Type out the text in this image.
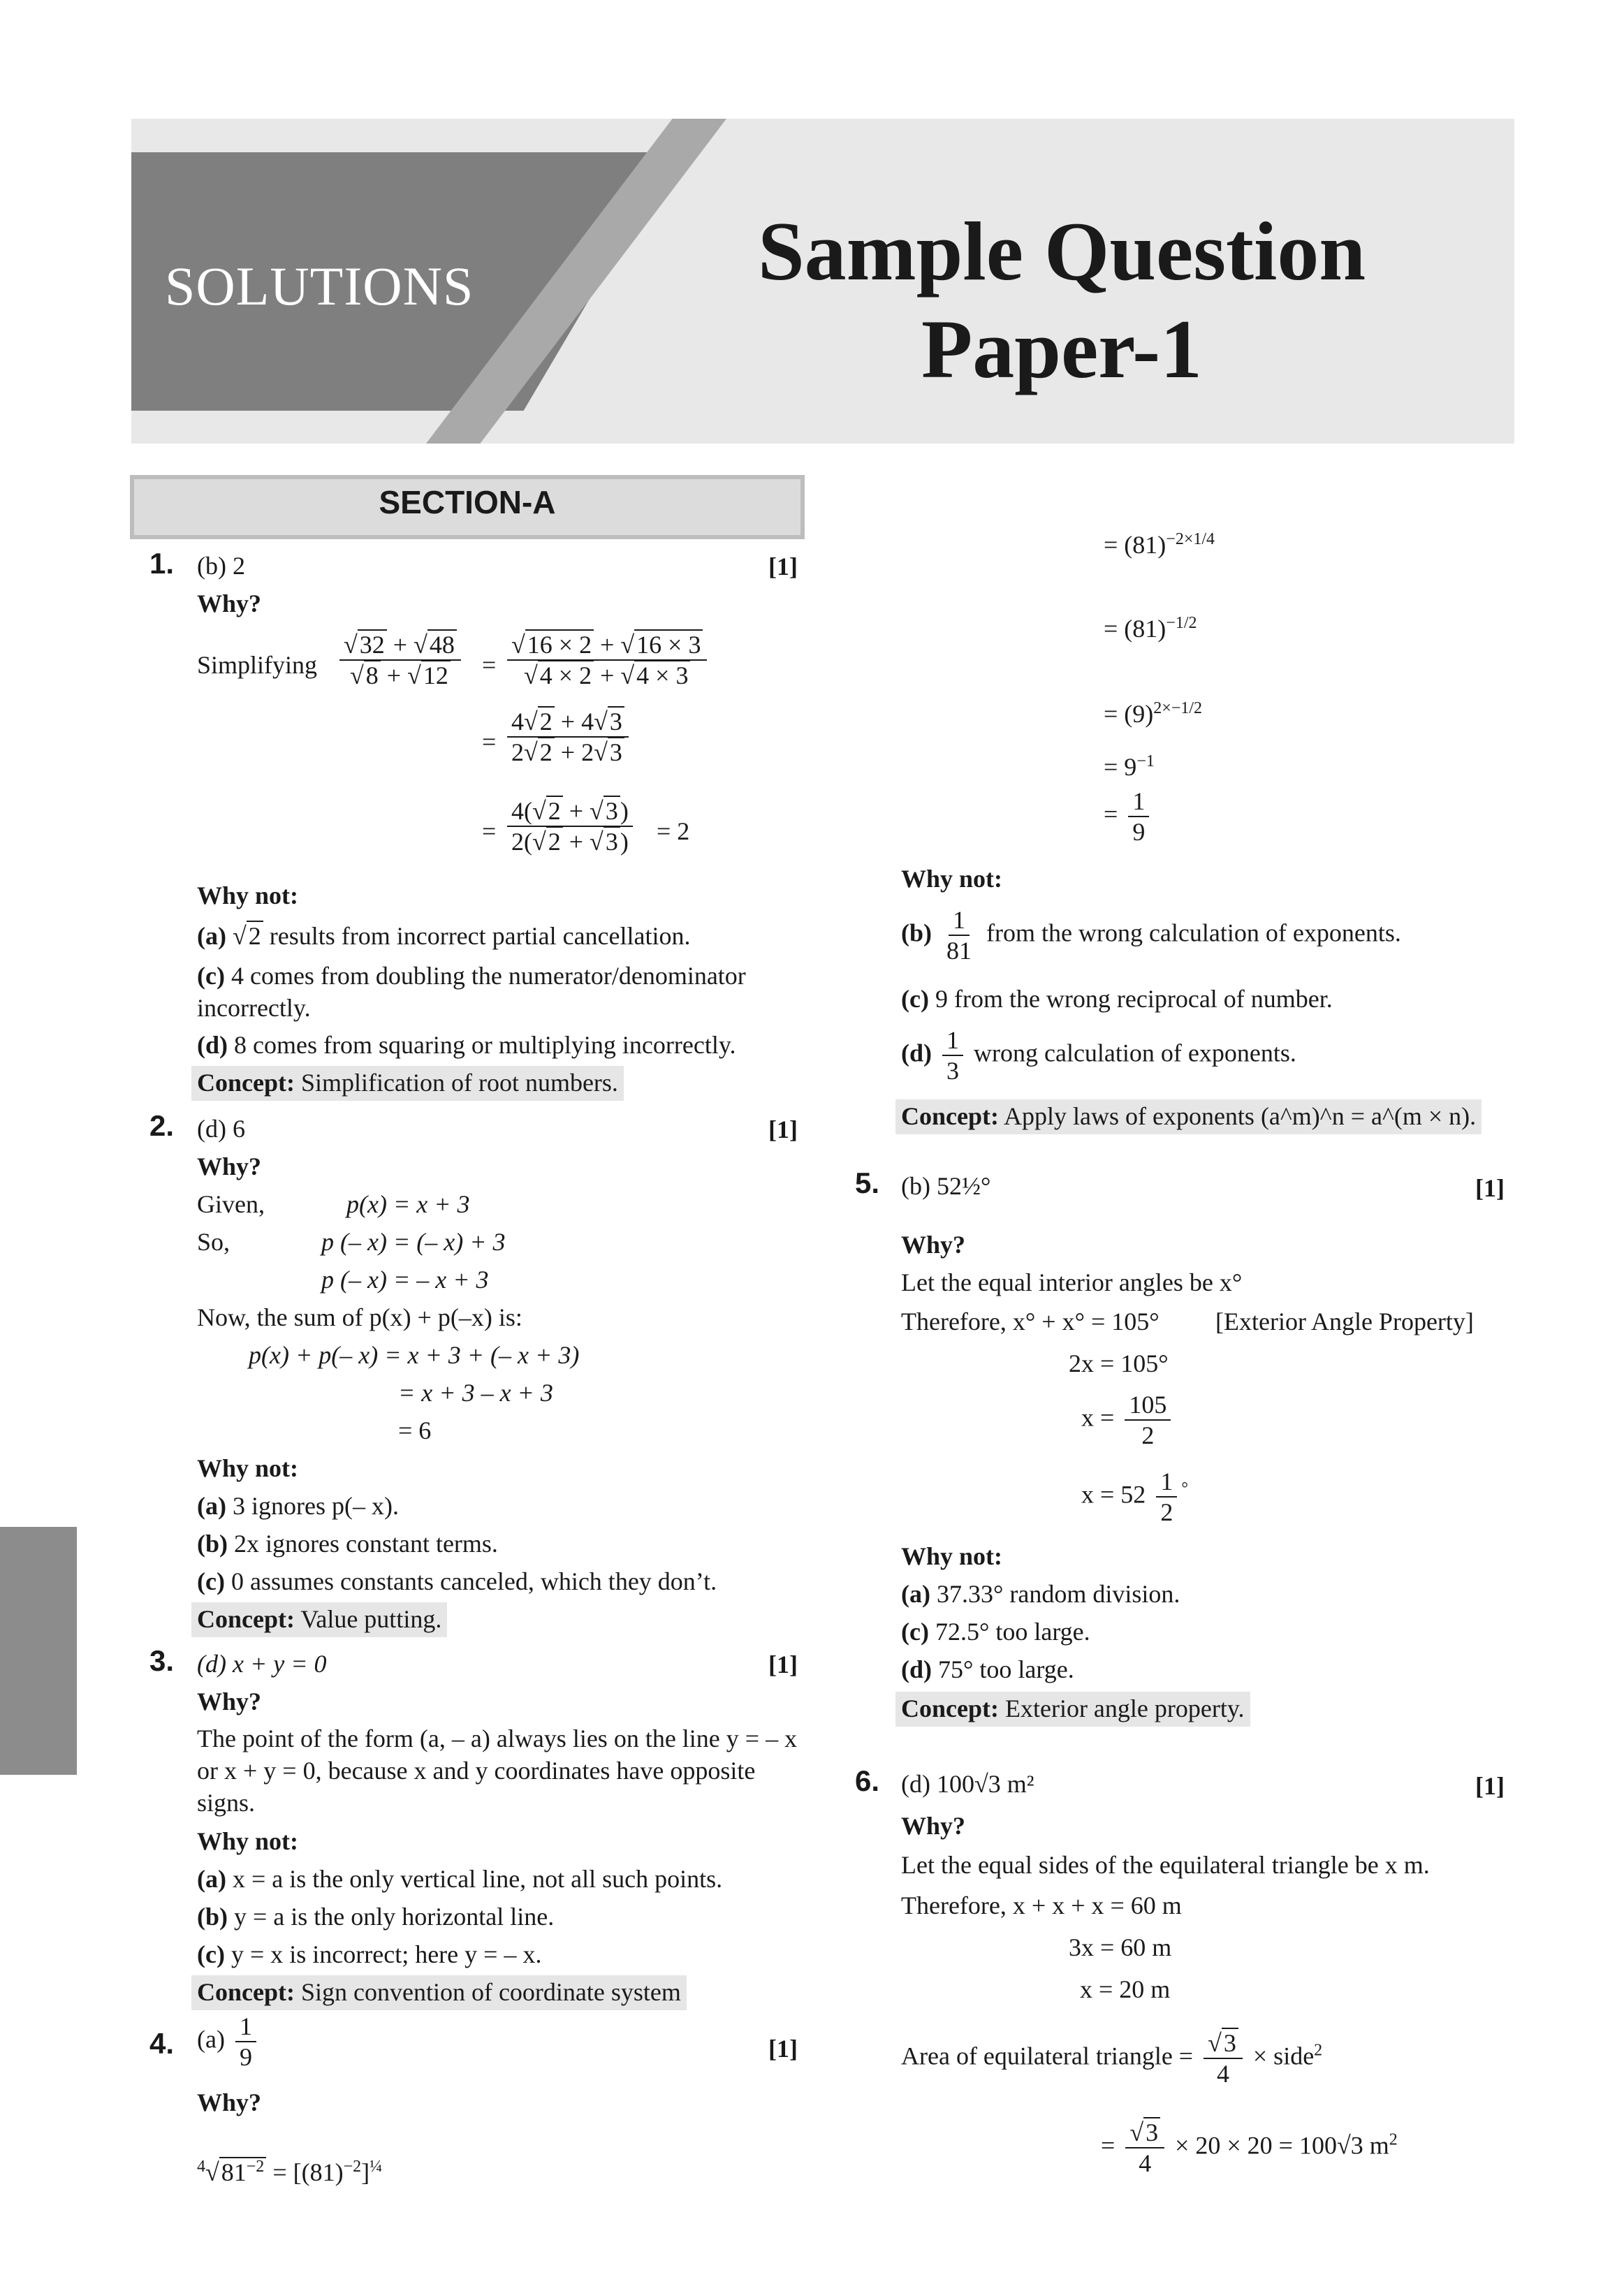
SOLUTIONS	Sample Question
Paper-1
SECTION-A
1. (b) 2	[1]
Why?
Simplifying $\frac{√32 + √48}{√8 + √12} = \frac{√16 \times 2 + √16 \times 3}{√4 \times 2 + √4 \times 3}$
= $\frac{4√2 + 4√3}{2√2 + 2√3}$
= $\frac{4(√2 + √3)}{2(√2 + √3)} = 2$
Why not:
(a) √2 results from incorrect partial cancellation.
(c) 4 comes from doubling the numerator/denominator incorrectly.
(d) 8 comes from squaring or multiplying incorrectly.
Concept: Simplification of root numbers.
2. (d) 6	[1]
Why?
Given,	p(x) = x + 3
So,	p (– x) = (– x) + 3
p (– x) = – x + 3
Now, the sum of p(x) + p(–x) is:
p(x) + p(– x) = x + 3 + (– x + 3)
= x + 3 – x + 3
= 6
Why not:
(a) 3 ignores p(– x).
(b) 2x ignores constant terms.
(c) 0 assumes constants canceled, which they don’t.
Concept: Value putting.
3. (d) x + y = 0	[1]
Why?
The point of the form (a, – a) always lies on the line y = – x or x + y = 0, because x and y coordinates have opposite signs.
Why not:
(a) x = a is the only vertical line, not all such points.
(b) y = a is the only horizontal line.
(c) y = x is incorrect; here y = – x.
Concept: Sign convention of coordinate system
4. $(a) \frac{1}{9}$	[1]
Why?
$^4√81^{-2} = [(81)^{-2}]^{\frac{1}{4}}$
= $(81)^{-2\times 1/4}$
= $(81)^{-1/2}$
= $(9)^{2\times-1/2}$
= $9^{-1}$
= $\frac{1}{9}$
Why not:
$(b) \frac{1}{81}$ from the wrong calculation of exponents.
(c) 9 from the wrong reciprocal of number.
$(d) \frac{1}{3}$ wrong calculation of exponents.
Concept: Apply laws of exponents (a^m)^n = a^(m × n).
5. (b) 52½°	[1]
Why?
Let the equal interior angles be x°
Therefore, x° + x° = 105° [Exterior Angle Property]
2x = 105°
$x = \frac{105}{2}$
$x = 52 \frac{1}{2} ^\circ$
Why not:
(a) 37.33° random division.
(c) 72.5° too large.
(d) 75° too large.
Concept: Exterior angle property.
6. (d) 100√3 m²	[1]
Why?
Let the equal sides of the equilateral triangle be x m.
Therefore, x + x + x = 60 m
3x = 60 m
x = 20 m
Area of equilateral triangle = $\frac{√3}{4}$ × side$^2$
= $\frac{√3}{4} \times 20 \times 20 = 100√3$ $m^2$
